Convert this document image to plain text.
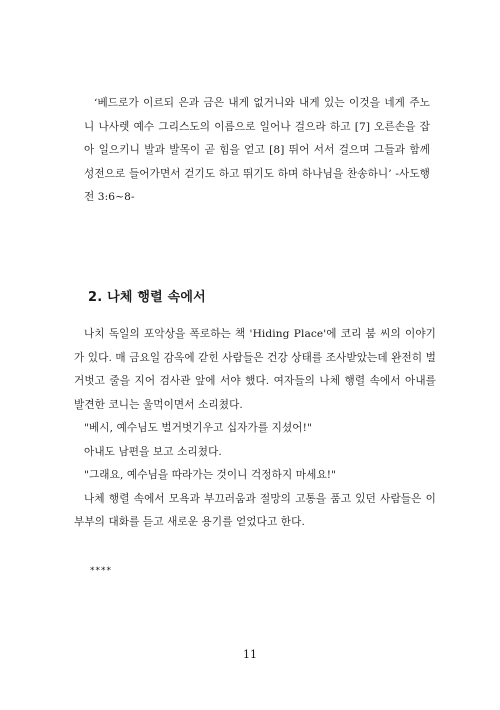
‘베드로가 이르되 은과 금은 내게 없거니와 내게 있는 이것을 네게 주노니 나사렛 예수 그리스도의 이름으로 일어나 걸으라 하고 [7] 오른손을 잡아 일으키니 발과 발목이 곧 힘을 얻고 [8] 뛰어 서서 걸으며 그들과 함께 성전으로 들어가면서 걷기도 하고 뛰기도 하며 하나님을 찬송하니’ -사도행전 3:6~8-

2. 나체 행렬 속에서

나치 독일의 포악상을 폭로하는 책 'Hiding Place'에 코리 붐 씨의 이야기가 있다. 매 금요일 감옥에 갇힌 사람들은 건강 상태를 조사받았는데 완전히 벌거벗고 줄을 지어 검사관 앞에 서야 했다. 여자들의 나체 행렬 속에서 아내를 발견한 코니는 울먹이면서 소리쳤다.

"베시, 예수님도 벌거벗기우고 십자가를 지셨어!"

아내도 남편을 보고 소리쳤다.

"그래요, 예수님을 따라가는 것이니 걱정하지 마세요!"

나체 행렬 속에서 모욕과 부끄러움과 절망의 고통을 품고 있던 사람들은 이 부부의 대화를 듣고 새로운 용기를 얻었다고 한다.

****
11
